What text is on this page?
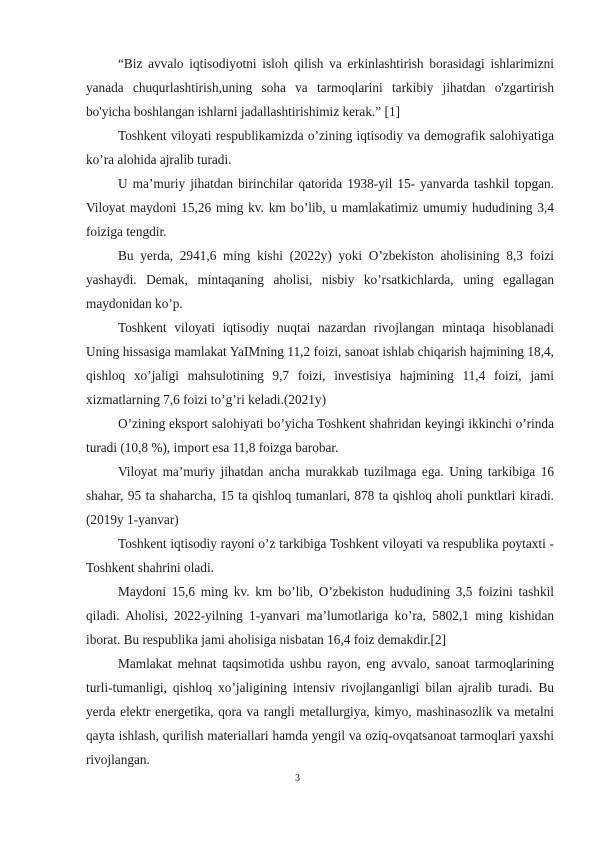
“Biz avvalo iqtisodiyotni isloh qilish va erkinlashtirish borasidagi ishlarimizni yanada chuqurlashtirish,uning soha va tarmoqlarini tarkibiy jihatdan o'zgartirish bo'yicha boshlangan ishlarni jadallashtirishimiz kerak.” [1]

Toshkent viloyati respublikamizda o’zining iqtisodiy va demografik salohiyatiga ko’ra alohida ajralib turadi.

U ma’muriy jihatdan birinchilar qatorida 1938-yil 15- yanvarda tashkil topgan. Viloyat maydoni 15,26 ming kv. km bo’lib, u mamlakatimiz umumiy hududining 3,4 foiziga tengdir.

Bu yerda, 2941,6 ming kishi (2022y) yoki O’zbekiston aholisining 8,3 foizi yashaydi. Demak, mintaqaning aholisi, nisbiy ko’rsatkichlarda, uning egallagan maydonidan ko’p.

Toshkent viloyati iqtisodiy nuqtai nazardan rivojlangan mintaqa hisoblanadi Uning hissasiga mamlakat YaIMning 11,2 foizi, sanoat ishlab chiqarish hajmining 18,4, qishloq xo’jaligi mahsulotining 9,7 foizi, investisiya hajmining 11,4 foizi, jami xizmatlarning 7,6 foizi to’g’ri keladi.(2021y)

O’zining eksport salohiyati bo’yicha Toshkent shahridan keyingi ikkinchi o’rinda turadi (10,8 %), import esa 11,8 foizga barobar.

Viloyat ma’muriy jihatdan ancha murakkab tuzilmaga ega. Uning tarkibiga 16 shahar, 95 ta shaharcha, 15 ta qishloq tumanlari, 878 ta qishloq aholi punktlari kiradi.(2019y 1-yanvar)

Toshkent iqtisodiy rayoni o’z tarkibiga Toshkent viloyati va respublika poytaxti - Toshkent shahrini oladi.

Maydoni 15,6 ming kv. km bo’lib, O’zbekiston hududining 3,5 foizini tashkil qiladi. Aholisi, 2022-yilning 1-yanvari ma’lumotlariga ko’ra, 5802,1 ming kishidan iborat. Bu respublika jami aholisiga nisbatan 16,4 foiz demakdir.[2]

Mamlakat mehnat taqsimotida ushbu rayon, eng avvalo, sanoat tarmoqlarining turli-tumanligi, qishloq xo’jaligining intensiv rivojlanganligi bilan ajralib turadi. Bu yerda elektr energetika, qora va rangli metallurgiya, kimyo, mashinasozlik va metalni qayta ishlash, qurilish materiallari hamda yengil va oziq-ovqatsanoat tarmoqlari yaxshi rivojlangan.

3
